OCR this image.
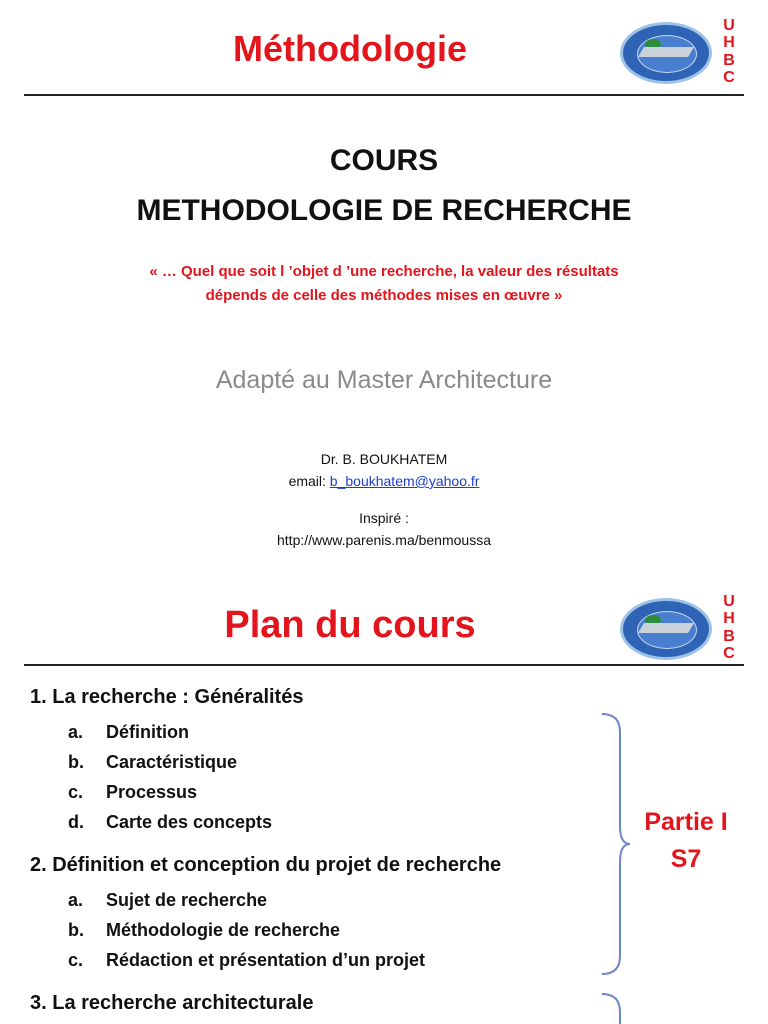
Méthodologie
U
H
B
C
COURS
METHODOLOGIE DE RECHERCHE
« … Quel que soit l ’objet d ’une recherche, la valeur des résultats
dépends de celle des méthodes mises en œuvre »
Adapté au Master Architecture
Dr. B. BOUKHATEM
email: b_boukhatem@yahoo.fr
Inspiré :
http://www.parenis.ma/benmoussa
Plan du cours
U
H
B
C
1. La recherche : Généralités
a. Définition
b. Caractéristique
c. Processus
d. Carte des concepts
2. Définition et conception du projet de recherche
a. Sujet de recherche
b. Méthodologie de recherche
c. Rédaction et présentation d’un projet
3. La recherche architecturale
Partie I
S7
